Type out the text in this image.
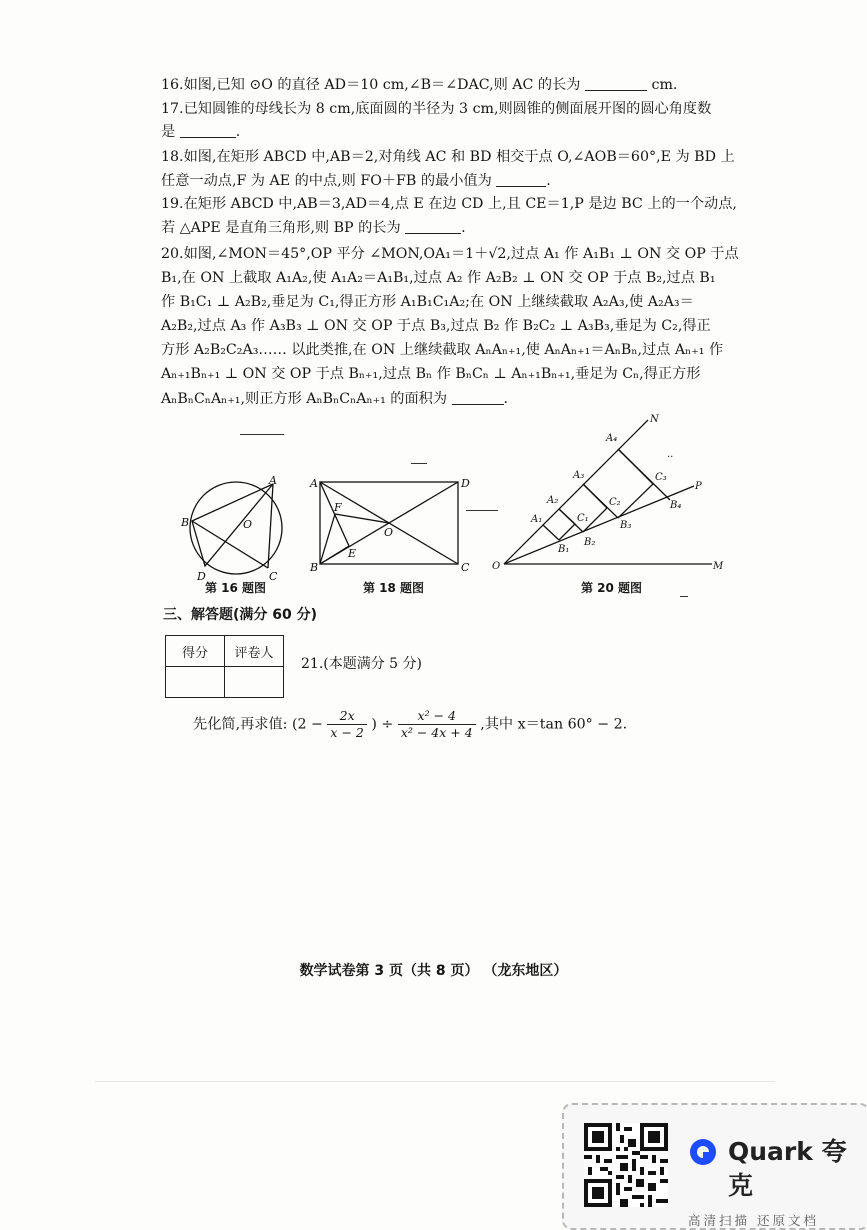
16.如图,已知 ⊙O 的直径 AD＝10 cm,∠B＝∠DAC,则 AC 的长为	cm.
17.已知圆锥的母线长为 8 cm,底面圆的半径为 3 cm,则圆锥的侧面展开图的圆心角度数
是	.
18.如图,在矩形 ABCD 中,AB＝2,对角线 AC 和 BD 相交于点 O,∠AOB＝60°,E 为 BD 上
任意一动点,F 为 AE 的中点,则 FO＋FB 的最小值为	.
19.在矩形 ABCD 中,AB＝3,AD＝4,点 E 在边 CD 上,且 CE＝1,P 是边 BC 上的一个动点,
若 △APE 是直角三角形,则 BP 的长为	.
20.如图,∠MON＝45°,OP 平分 ∠MON,OA₁＝1＋√2,过点 A₁ 作 A₁B₁ ⊥ ON 交 OP 于点
B₁,在 ON 上截取 A₁A₂,使 A₁A₂＝A₁B₁,过点 A₂ 作 A₂B₂ ⊥ ON 交 OP 于点 B₂,过点 B₁
作 B₁C₁ ⊥ A₂B₂,垂足为 C₁,得正方形 A₁B₁C₁A₂;在 ON 上继续截取 A₂A₃,使 A₂A₃＝
A₂B₂,过点 A₃ 作 A₃B₃ ⊥ ON 交 OP 于点 B₃,过点 B₂ 作 B₂C₂ ⊥ A₃B₃,垂足为 C₂,得正
方形 A₂B₂C₂A₃…… 以此类推,在 ON 上继续截取 AₙAₙ₊₁,使 AₙAₙ₊₁＝AₙBₙ,过点 Aₙ₊₁ 作
Aₙ₊₁Bₙ₊₁ ⊥ ON 交 OP 于点 Bₙ₊₁,过点 Bₙ 作 BₙCₙ ⊥ Aₙ₊₁Bₙ₊₁,垂足为 Cₙ,得正方形
AₙBₙCₙAₙ₊₁,则正方形 AₙBₙCₙAₙ₊₁ 的面积为	.
A
B	O
D	C
A	D
F
O
E
B	C
N
A₄
A₃
A₂
A₁	C₁
C₂
C₃
B₁
B₂
B₃
B₄
P
O	M
..
第 16 题图	第 18 题图	第 20 题图
三、解答题(满分 60 分)
得分	评卷人

21.(本题满分 5 分)
先化简,再求值: ($2 - \frac{2x}{x - 2}$ ) ÷ $\frac{\text{x² − 4}}{\text{x² − 4x + 4}}$ ,其中 x＝tan 60° − 2.
数学试卷第 3 页（共 8 页） （龙东地区）
Quark 夸克
高清扫描 还原文档
